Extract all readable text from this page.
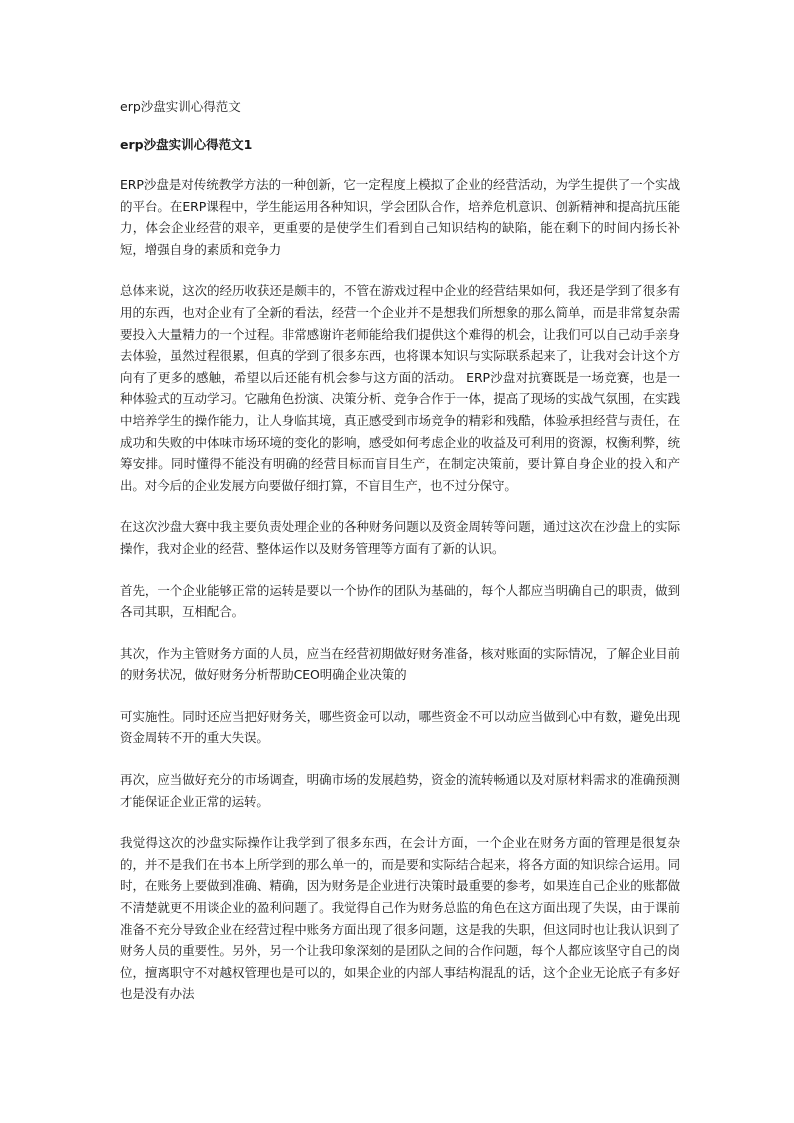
erp沙盘实训心得范文
erp沙盘实训心得范文1

ERP沙盘是对传统教学方法的一种创新，它一定程度上模拟了企业的经营活动，为学生提供了一个实战的平台。在ERP课程中，学生能运用各种知识，学会团队合作，培养危机意识、创新精神和提高抗压能力，体会企业经营的艰辛，更重要的是使学生们看到自己知识结构的缺陷，能在剩下的时间内扬长补短，增强自身的素质和竞争力

总体来说，这次的经历收获还是颇丰的，不管在游戏过程中企业的经营结果如何，我还是学到了很多有用的东西，也对企业有了全新的看法，经营一个企业并不是想我们所想象的那么简单，而是非常复杂需要投入大量精力的一个过程。非常感谢许老师能给我们提供这个难得的机会，让我们可以自己动手亲身去体验，虽然过程很累，但真的学到了很多东西，也将课本知识与实际联系起来了，让我对会计这个方向有了更多的感触，希望以后还能有机会参与这方面的活动。 ERP沙盘对抗赛既是一场竞赛，也是一种体验式的互动学习。它融角色扮演、决策分析、竞争合作于一体，提高了现场的实战气氛围，在实践中培养学生的操作能力，让人身临其境，真正感受到市场竞争的精彩和残酷，体验承担经营与责任，在成功和失败的中体味市场环境的变化的影响，感受如何考虑企业的收益及可利用的资源，权衡利弊，统筹安排。同时懂得不能没有明确的经营目标而盲目生产，在制定决策前，要计算自身企业的投入和产出。对今后的企业发展方向要做仔细打算，不盲目生产，也不过分保守。

在这次沙盘大赛中我主要负责处理企业的各种财务问题以及资金周转等问题，通过这次在沙盘上的实际操作，我对企业的经营、整体运作以及财务管理等方面有了新的认识。

首先，一个企业能够正常的运转是要以一个协作的团队为基础的，每个人都应当明确自己的职责，做到各司其职，互相配合。

其次，作为主管财务方面的人员，应当在经营初期做好财务准备，核对账面的实际情况，了解企业目前的财务状况，做好财务分析帮助CEO明确企业决策的

可实施性。同时还应当把好财务关，哪些资金可以动，哪些资金不可以动应当做到心中有数，避免出现资金周转不开的重大失误。

再次，应当做好充分的市场调查，明确市场的发展趋势，资金的流转畅通以及对原材料需求的准确预测才能保证企业正常的运转。

我觉得这次的沙盘实际操作让我学到了很多东西，在会计方面，一个企业在财务方面的管理是很复杂的，并不是我们在书本上所学到的那么单一的，而是要和实际结合起来，将各方面的知识综合运用。同时，在账务上要做到准确、精确，因为财务是企业进行决策时最重要的参考，如果连自己企业的账都做不清楚就更不用谈企业的盈利问题了。我觉得自己作为财务总监的角色在这方面出现了失误，由于课前准备不充分导致企业在经营过程中账务方面出现了很多问题，这是我的失职，但这同时也让我认识到了财务人员的重要性。另外，另一个让我印象深刻的是团队之间的合作问题，每个人都应该坚守自己的岗位，擅离职守不对越权管理也是可以的，如果企业的内部人事结构混乱的话，这个企业无论底子有多好也是没有办法
